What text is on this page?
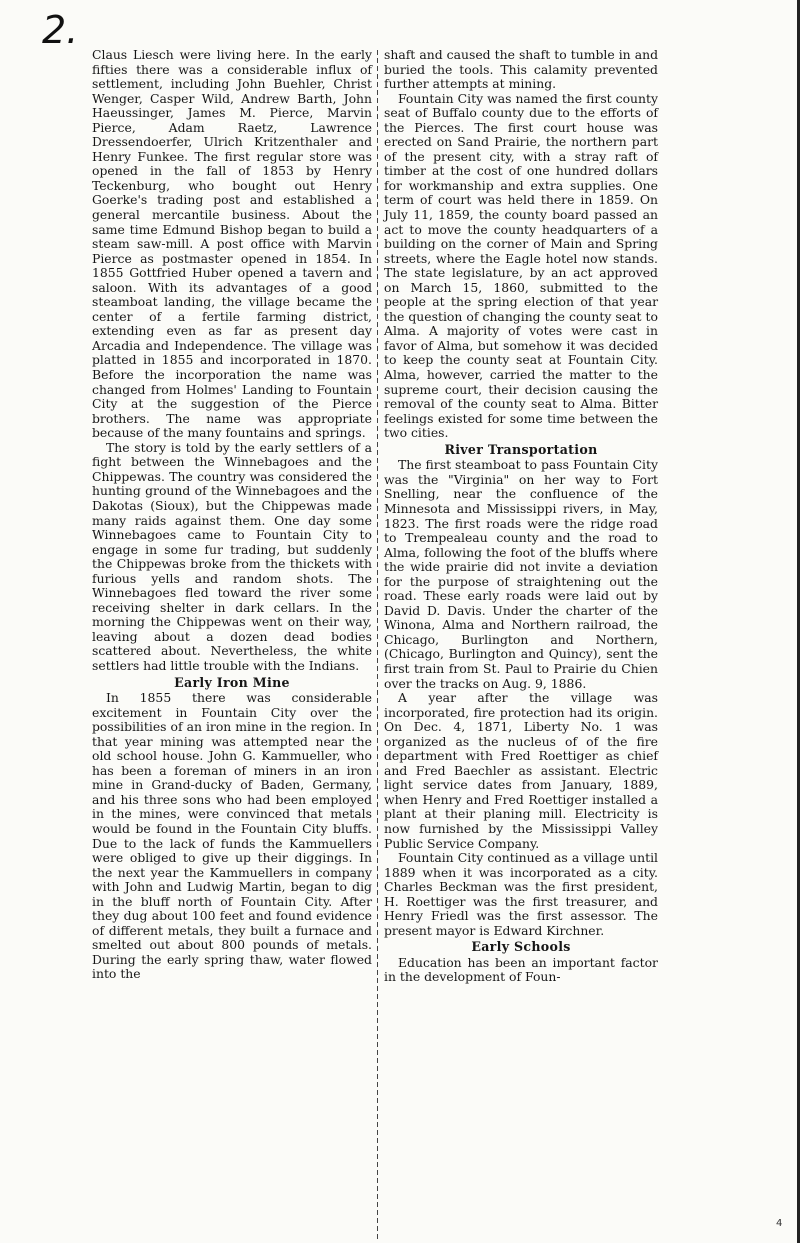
2.

Claus Liesch were living here. In the early fifties there was a considerable influx of settlement, including John Buehler, Christ Wenger, Casper Wild, Andrew Barth, John Haeussinger, James M. Pierce, Marvin Pierce, Adam Raetz, Lawrence Dressendoerfer, Ulrich Kritzenthaler and Henry Funkee. The first regular store was opened in the fall of 1853 by Henry Teckenburg, who bought out Henry Goerke's trading post and established a general mercantile business. About the same time Edmund Bishop began to build a steam saw-mill. A post office with Marvin Pierce as postmaster opened in 1854. In 1855 Gottfried Huber opened a tavern and saloon. With its advantages of a good steamboat landing, the village became the center of a fertile farming district, extending even as far as present day Arcadia and Independence. The village was platted in 1855 and incorporated in 1870. Before the incorporation the name was changed from Holmes' Landing to Fountain City at the suggestion of the Pierce brothers. The name was appropriate because of the many fountains and springs.

The story is told by the early settlers of a fight between the Winnebagoes and the Chippewas. The country was considered the hunting ground of the Winnebagoes and the Dakotas (Sioux), but the Chippewas made many raids against them. One day some Winnebagoes came to Fountain City to engage in some fur trading, but suddenly the Chippewas broke from the thickets with furious yells and random shots. The Winnebagoes fled toward the river some receiving shelter in dark cellars. In the morning the Chippewas went on their way, leaving about a dozen dead bodies scattered about. Nevertheless, the white settlers had little trouble with the Indians.

Early Iron Mine

In 1855 there was considerable excitement in Fountain City over the possibilities of an iron mine in the region. In that year mining was attempted near the old school house. John G. Kammueller, who has been a foreman of miners in an iron mine in Grand-ducky of Baden, Germany, and his three sons who had been employed in the mines, were convinced that metals would be found in the Fountain City bluffs. Due to the lack of funds the Kammuellers were obliged to give up their diggings. In the next year the Kammuellers in company with John and Ludwig Martin, began to dig in the bluff north of Fountain City. After they dug about 100 feet and found evidence of different metals, they built a furnace and smelted out about 800 pounds of metals. During the early spring thaw, water flowed into the

shaft and caused the shaft to tumble in and buried the tools. This calamity prevented further attempts at mining.

Fountain City was named the first county seat of Buffalo county due to the efforts of the Pierces. The first court house was erected on Sand Prairie, the northern part of the present city, with a stray raft of timber at the cost of one hundred dollars for workmanship and extra supplies. One term of court was held there in 1859. On July 11, 1859, the county board passed an act to move the county headquarters of a building on the corner of Main and Spring streets, where the Eagle hotel now stands. The state legislature, by an act approved on March 15, 1860, submitted to the people at the spring election of that year the question of changing the county seat to Alma. A majority of votes were cast in favor of Alma, but somehow it was decided to keep the county seat at Fountain City. Alma, however, carried the matter to the supreme court, their decision causing the removal of the county seat to Alma. Bitter feelings existed for some time between the two cities.

River Transportation

The first steamboat to pass Fountain City was the "Virginia" on her way to Fort Snelling, near the confluence of the Minnesota and Mississippi rivers, in May, 1823. The first roads were the ridge road to Trempealeau county and the road to Alma, following the foot of the bluffs where the wide prairie did not invite a deviation for the purpose of straightening out the road. These early roads were laid out by David D. Davis. Under the charter of the Winona, Alma and Northern railroad, the Chicago, Burlington and Northern, (Chicago, Burlington and Quincy), sent the first train from St. Paul to Prairie du Chien over the tracks on Aug. 9, 1886.

A year after the village was incorporated, fire protection had its origin. On Dec. 4, 1871, Liberty No. 1 was organized as the nucleus of of the fire department with Fred Roettiger as chief and Fred Baechler as assistant. Electric light service dates from January, 1889, when Henry and Fred Roettiger installed a plant at their planing mill. Electricity is now furnished by the Mississippi Valley Public Service Company.

Fountain City continued as a village until 1889 when it was incorporated as a city. Charles Beckman was the first president, H. Roettiger was the first treasurer, and Henry Friedl was the first assessor. The present mayor is Edward Kirchner.

Early Schools

Education has been an important factor in the development of Foun-

4
